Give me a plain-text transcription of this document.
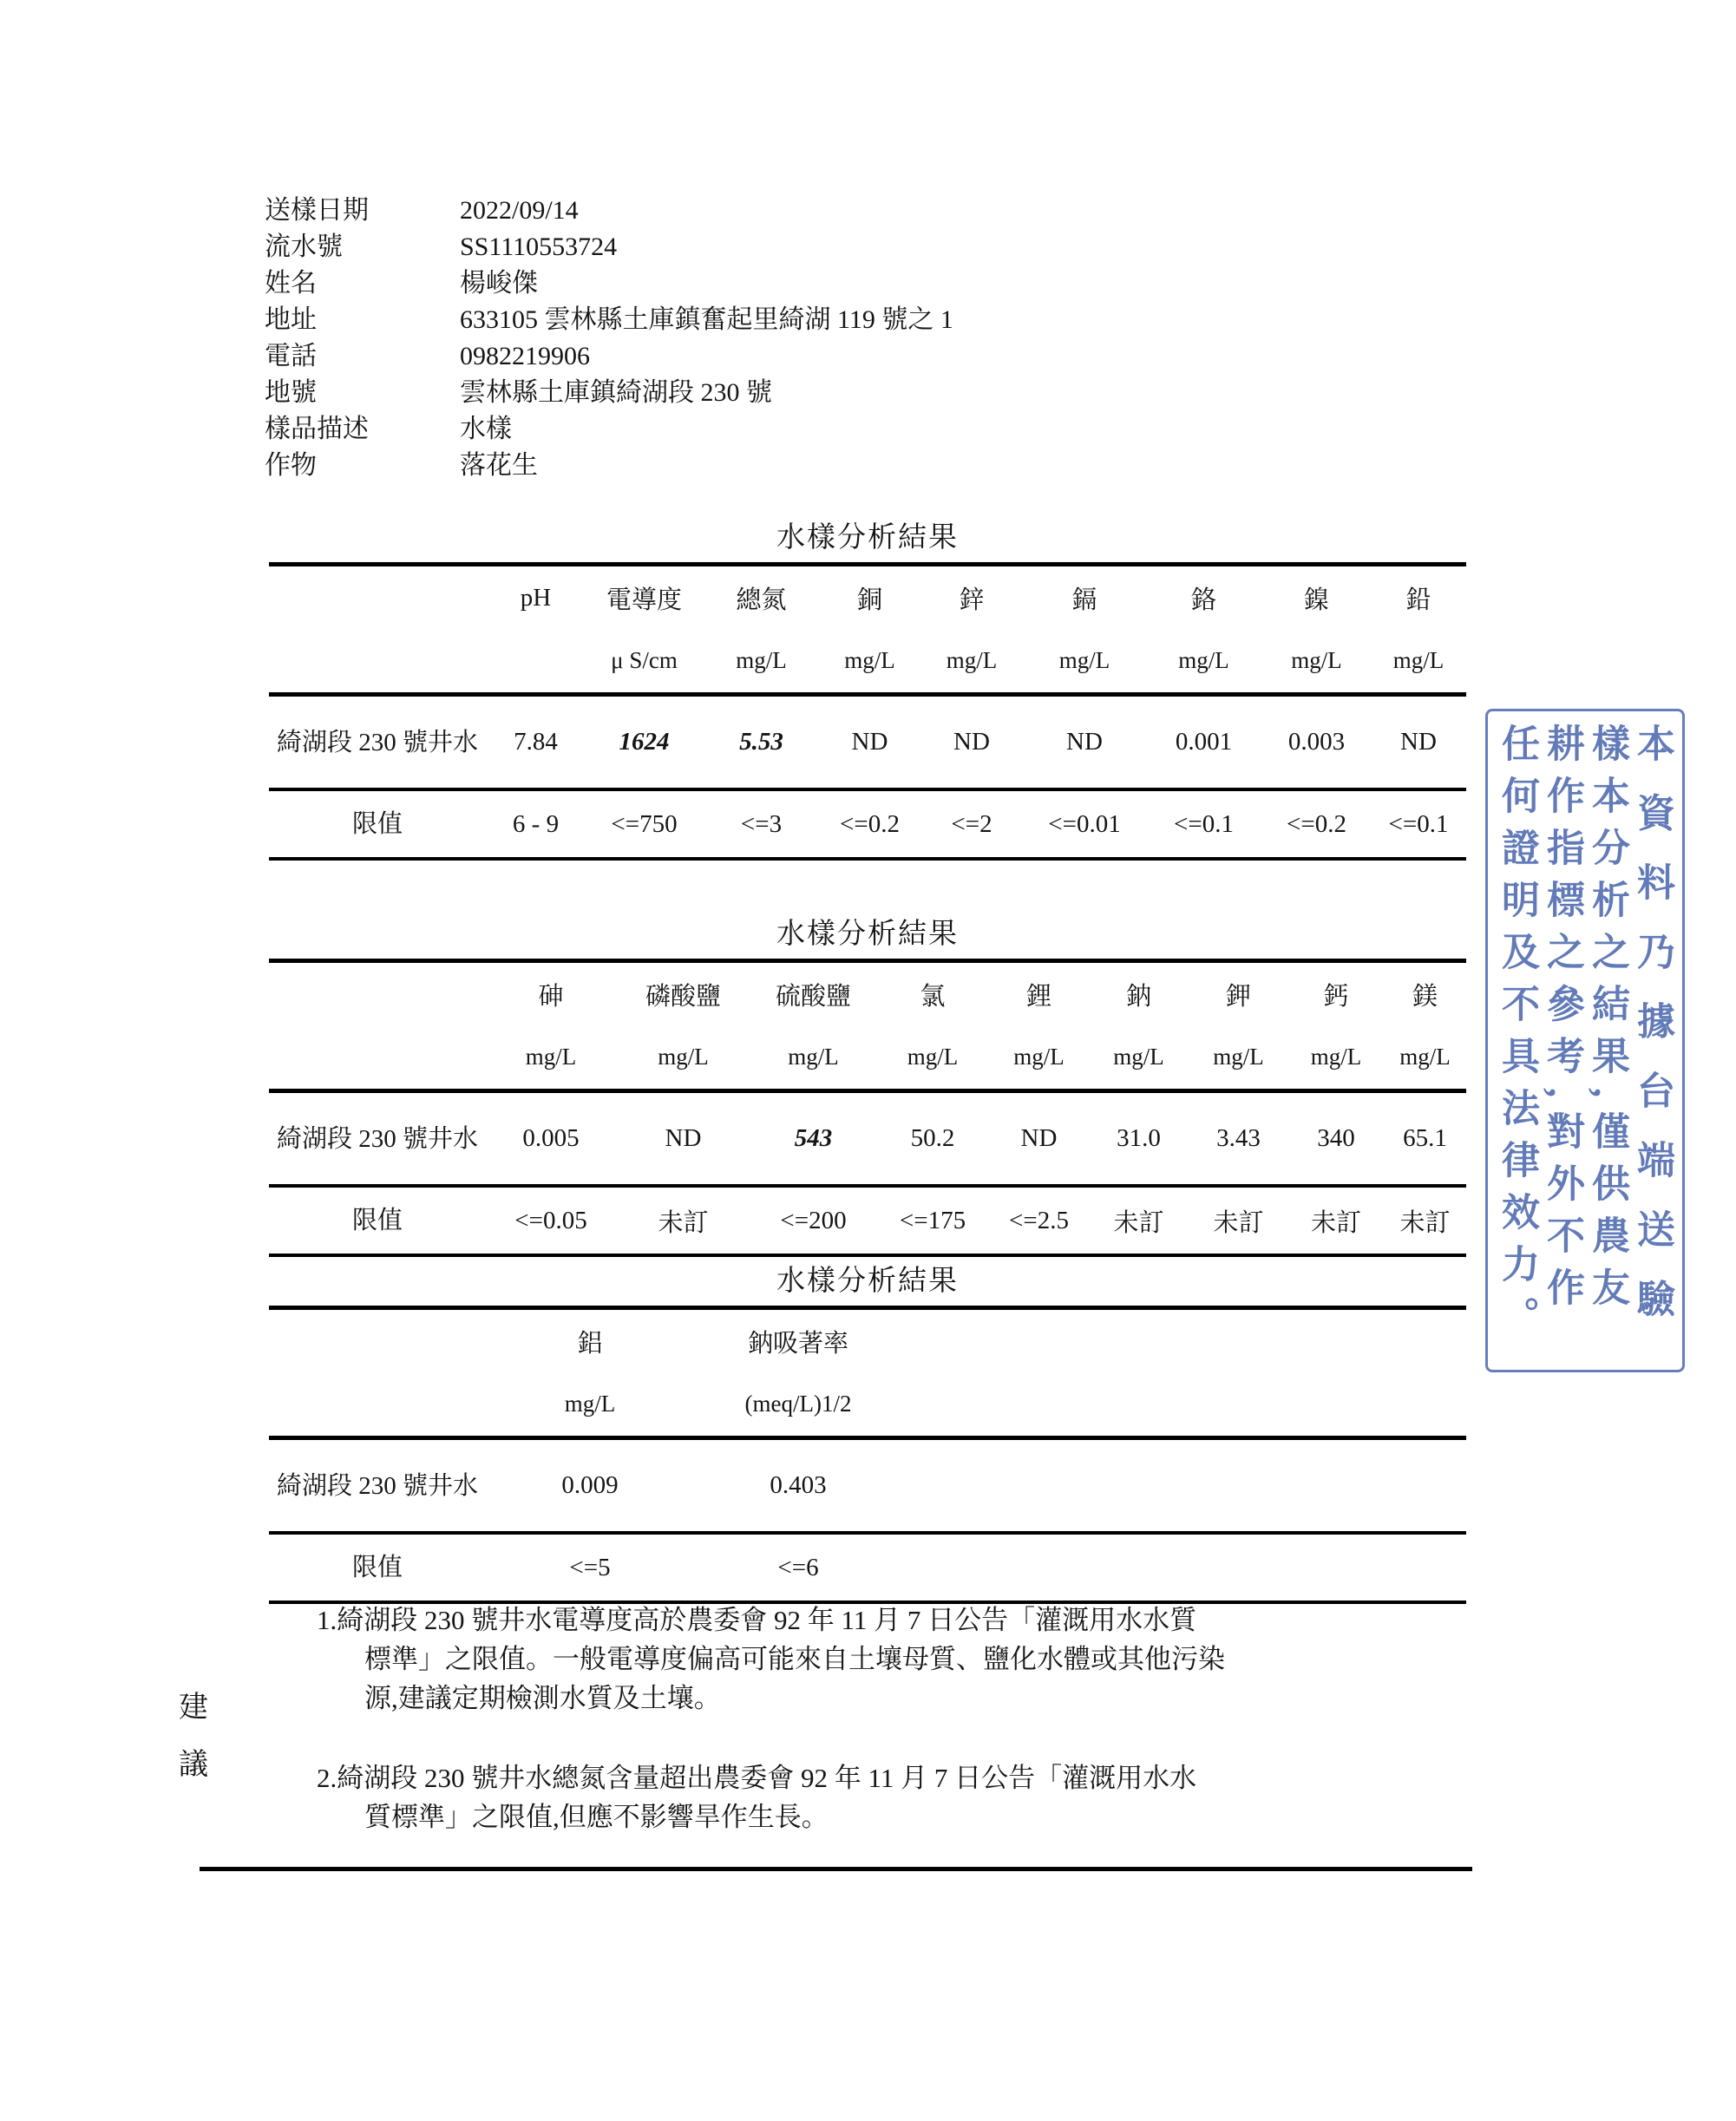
送樣日期	2022/09/14
流水號	SS1110553724
姓名	楊峻傑
地址	633105 雲林縣土庫鎮奮起里綺湖 119 號之 1
電話	0982219906
地號	雲林縣土庫鎮綺湖段 230 號
樣品描述	水樣
作物	落花生
水樣分析結果
	pH	電導度	總氮	銅	鋅	鎘	鉻	鎳	鉛
		μ S/cm	mg/L	mg/L	mg/L	mg/L	mg/L	mg/L	mg/L
綺湖段 230 號井水	7.84	1624	5.53	ND	ND	ND	0.001	0.003	ND
限值	6 - 9	<=750	<=3	<=0.2	<=2	<=0.01	<=0.1	<=0.2	<=0.1
水樣分析結果
	砷	磷酸鹽	硫酸鹽	氯	鋰	鈉	鉀	鈣	鎂
	mg/L	mg/L	mg/L	mg/L	mg/L	mg/L	mg/L	mg/L	mg/L
綺湖段 230 號井水	0.005	ND	543	50.2	ND	31.0	3.43	340	65.1
限值	<=0.05	未訂	<=200	<=175	<=2.5	未訂	未訂	未訂	未訂
水樣分析結果
	鋁	鈉吸著率	
	mg/L	(meq/L)1/2	
綺湖段 230 號井水	0.009	0.403	
限值	<=5	<=6	
建
議
1.綺湖段 230 號井水電導度高於農委會 92 年 11 月 7 日公告「灌溉用水水質
標準」之限值。一般電導度偏高可能來自土壤母質、鹽化水體或其他污染
源,建議定期檢測水質及土壤。
2.綺湖段 230 號井水總氮含量超出農委會 92 年 11 月 7 日公告「灌溉用水水
質標準」之限值,但應不影響旱作生長。
本資料乃據台端送驗 樣本分析之結果,僅供農友 耕作指標之參考,對外不作 任何證明及不具法律效力。
